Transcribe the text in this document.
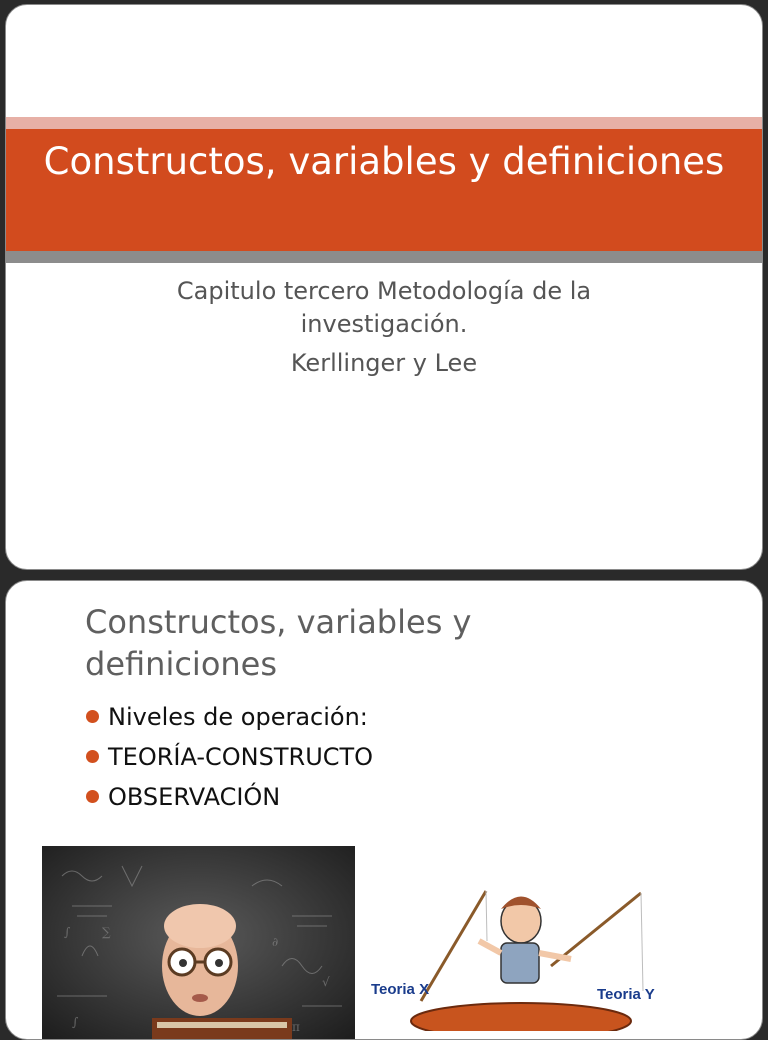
Constructos, variables y definiciones
Capitulo tercero Metodología de la investigación.
Kerllinger y Lee
Constructos, variables y definiciones
Niveles de operación:
TEORÍA-CONSTRUCTO
OBSERVACIÓN
∫	∑
∂
√
∫	π
Teoria X	Teoria Y
